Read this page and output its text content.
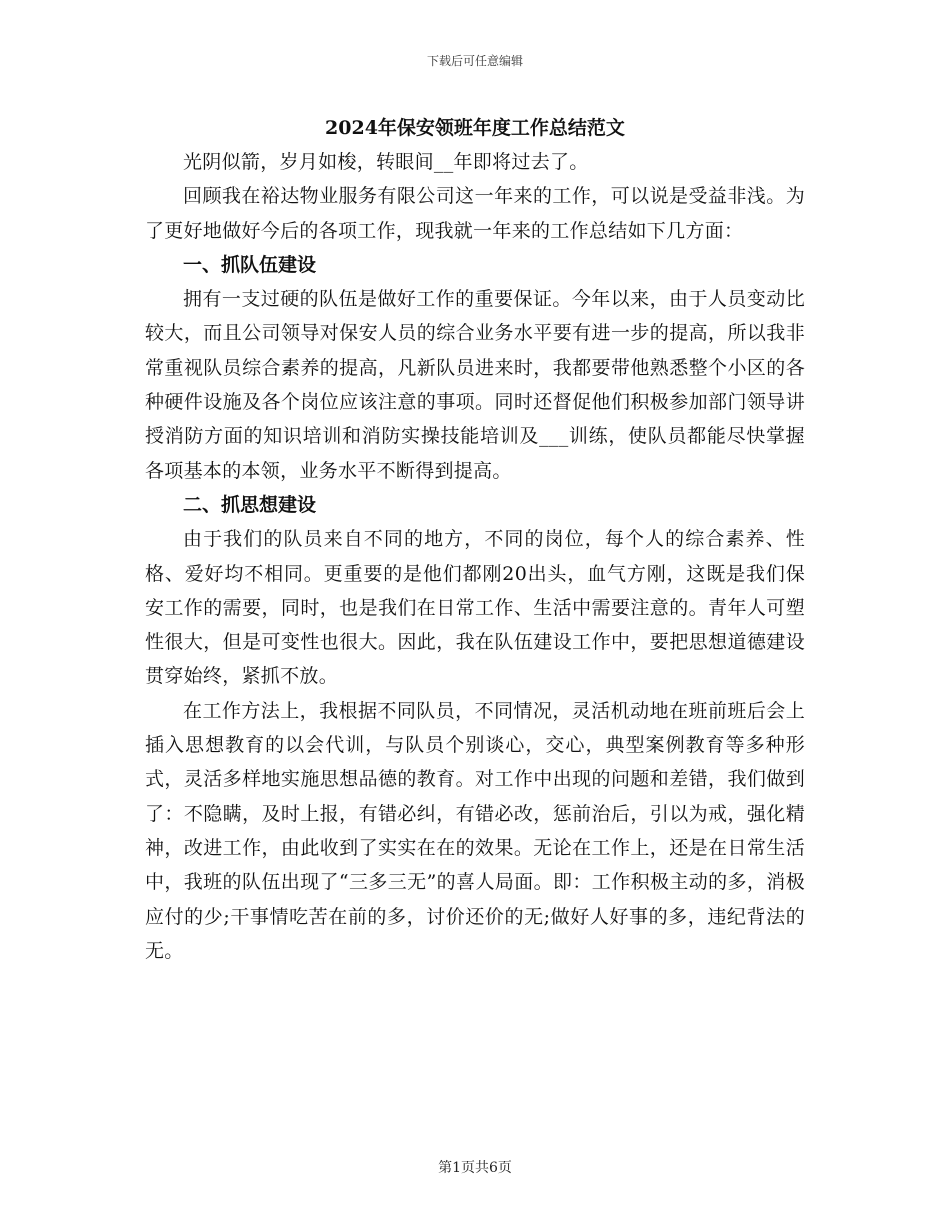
下载后可任意编辑
2024年保安领班年度工作总结范文

光阴似箭，岁月如梭，转眼间__年即将过去了。

回顾我在裕达物业服务有限公司这一年来的工作，可以说是受益非浅。为了更好地做好今后的各项工作，现我就一年来的工作总结如下几方面：

一、抓队伍建设

拥有一支过硬的队伍是做好工作的重要保证。今年以来，由于人员变动比较大，而且公司领导对保安人员的综合业务水平要有进一步的提高，所以我非常重视队员综合素养的提高，凡新队员进来时，我都要带他熟悉整个小区的各种硬件设施及各个岗位应该注意的事项。同时还督促他们积极参加部门领导讲授消防方面的知识培训和消防实操技能培训及___训练，使队员都能尽快掌握各项基本的本领，业务水平不断得到提高。

二、抓思想建设

由于我们的队员来自不同的地方，不同的岗位，每个人的综合素养、性格、爱好均不相同。更重要的是他们都刚20出头，血气方刚，这既是我们保安工作的需要，同时，也是我们在日常工作、生活中需要注意的。青年人可塑性很大，但是可变性也很大。因此，我在队伍建设工作中，要把思想道德建设贯穿始终，紧抓不放。

在工作方法上，我根据不同队员，不同情况，灵活机动地在班前班后会上插入思想教育的以会代训，与队员个别谈心，交心，典型案例教育等多种形式，灵活多样地实施思想品德的教育。对工作中出现的问题和差错，我们做到了：不隐瞒，及时上报，有错必纠，有错必改，惩前治后，引以为戒，强化精神，改进工作，由此收到了实实在在的效果。无论在工作上，还是在日常生活中，我班的队伍出现了“三多三无”的喜人局面。即：工作积极主动的多，消极应付的少;干事情吃苦在前的多，讨价还价的无;做好人好事的多，违纪背法的无。

第1页共6页
